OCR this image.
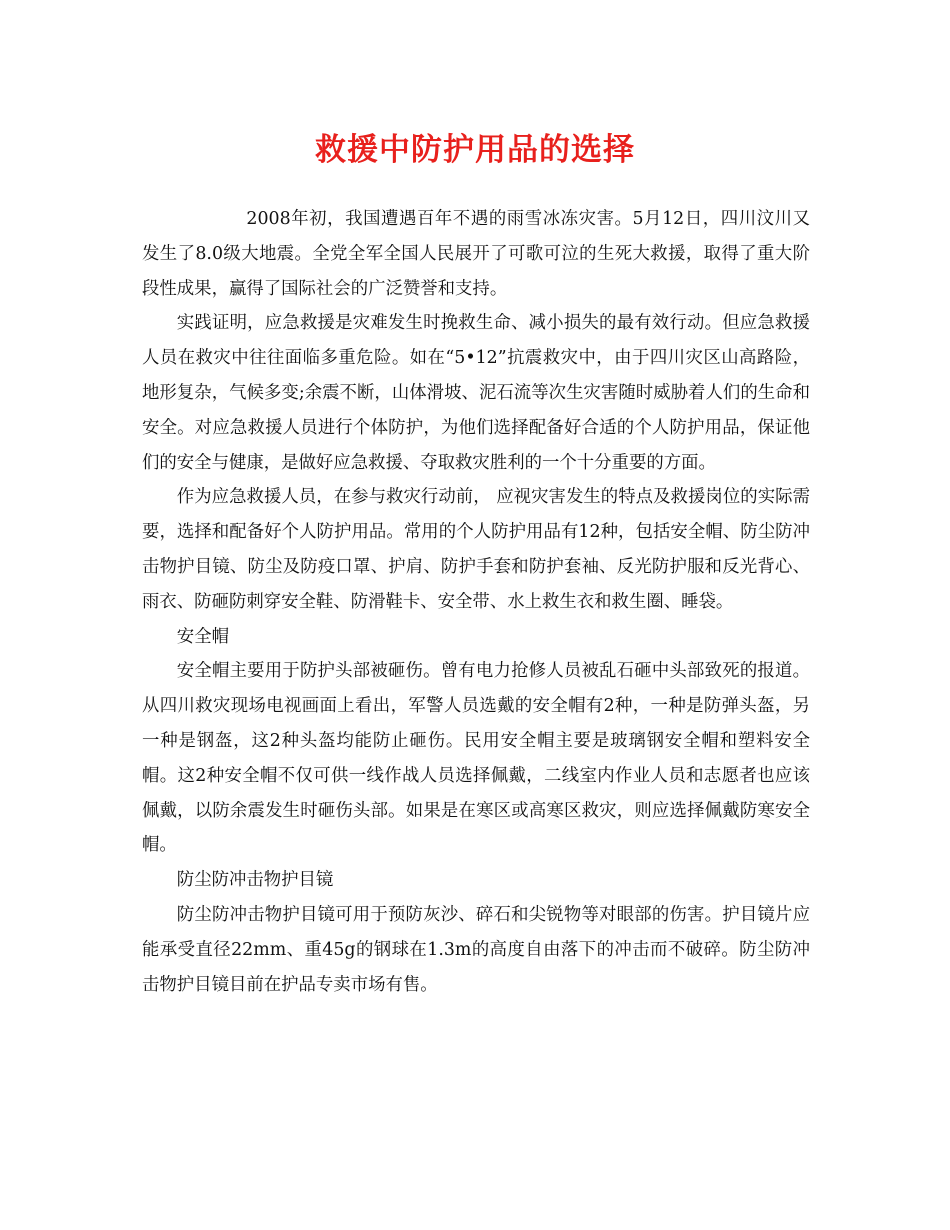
救援中防护用品的选择

2008年初，我国遭遇百年不遇的雨雪冰冻灾害。5月12日，四川汶川又发生了8.0级大地震。全党全军全国人民展开了可歌可泣的生死大救援，取得了重大阶段性成果，赢得了国际社会的广泛赞誉和支持。

实践证明，应急救援是灾难发生时挽救生命、减小损失的最有效行动。但应急救援人员在救灾中往往面临多重危险。如在“5•12”抗震救灾中，由于四川灾区山高路险，地形复杂，气候多变;余震不断，山体滑坡、泥石流等次生灾害随时威胁着人们的生命和安全。对应急救援人员进行个体防护，为他们选择配备好合适的个人防护用品，保证他们的安全与健康，是做好应急救援、夺取救灾胜利的一个十分重要的方面。

作为应急救援人员，在参与救灾行动前， 应视灾害发生的特点及救援岗位的实际需要，选择和配备好个人防护用品。常用的个人防护用品有12种，包括安全帽、防尘防冲击物护目镜、防尘及防疫口罩、护肩、防护手套和防护套袖、反光防护服和反光背心、雨衣、防砸防刺穿安全鞋、防滑鞋卡、安全带、水上救生衣和救生圈、睡袋。

安全帽

安全帽主要用于防护头部被砸伤。曾有电力抢修人员被乱石砸中头部致死的报道。从四川救灾现场电视画面上看出，军警人员选戴的安全帽有2种，一种是防弹头盔，另一种是钢盔，这2种头盔均能防止砸伤。民用安全帽主要是玻璃钢安全帽和塑料安全帽。这2种安全帽不仅可供一线作战人员选择佩戴，二线室内作业人员和志愿者也应该佩戴，以防余震发生时砸伤头部。如果是在寒区或高寒区救灾，则应选择佩戴防寒安全帽。

防尘防冲击物护目镜

防尘防冲击物护目镜可用于预防灰沙、碎石和尖锐物等对眼部的伤害。护目镜片应能承受直径22mm、重45g的钢球在1.3m的高度自由落下的冲击而不破碎。防尘防冲击物护目镜目前在护品专卖市场有售。
